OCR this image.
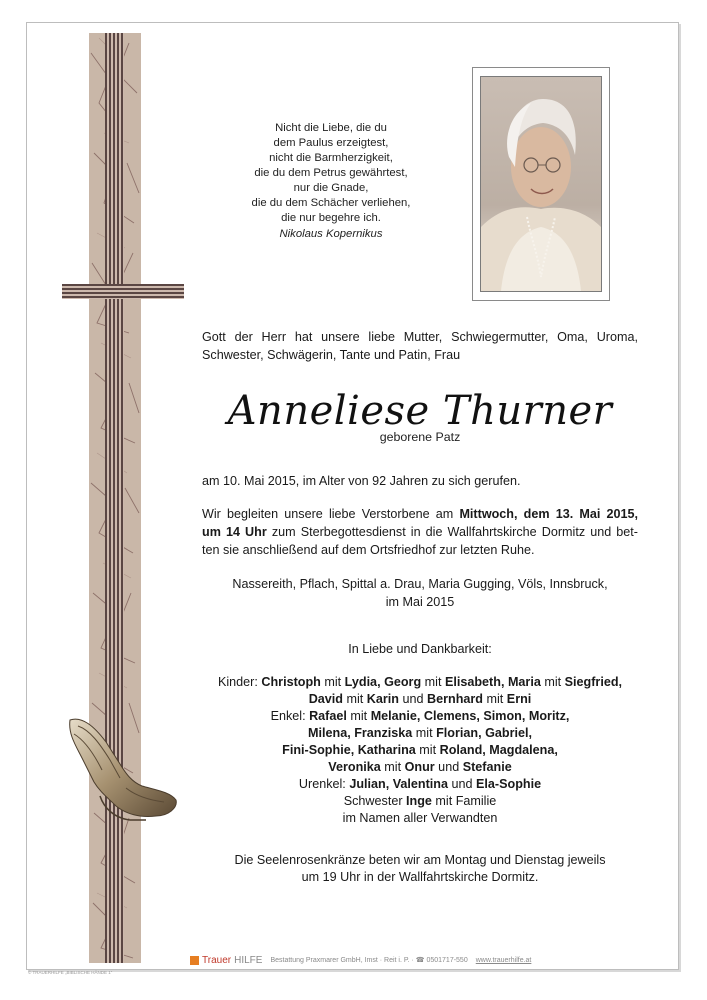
Nicht die Liebe, die du
dem Paulus erzeigtest,
nicht die Barmherzigkeit,
die du dem Petrus gewährtest,
nur die Gnade,
die du dem Schächer verliehen,
die nur begehre ich.
Nikolaus Kopernikus
Gott der Herr hat unsere liebe Mutter, Schwiegermutter, Oma, Uroma,
Schwester, Schwägerin, Tante und Patin, Frau
Anneliese Thurner
geborene Patz
am 10. Mai 2015, im Alter von 92 Jahren zu sich gerufen.
Wir begleiten unsere liebe Verstorbene am Mittwoch, dem 13. Mai 2015,
um 14 Uhr zum Sterbegottesdienst in die Wallfahrtskirche Dormitz und bet-
ten sie anschließend auf dem Ortsfriedhof zur letzten Ruhe.
Nassereith, Pflach, Spittal a. Drau, Maria Gugging, Völs, Innsbruck,
im Mai 2015
In Liebe und Dankbarkeit:
Kinder: Christoph mit Lydia, Georg mit Elisabeth, Maria mit Siegfried,
David mit Karin und Bernhard mit Erni
Enkel: Rafael mit Melanie, Clemens, Simon, Moritz,
Milena, Franziska mit Florian, Gabriel,
Fini-Sophie, Katharina mit Roland, Magdalena,
Veronika mit Onur und Stefanie
Urenkel: Julian, Valentina und Ela-Sophie
Schwester Inge mit Familie
im Namen aller Verwandten
Die Seelenrosenkränze beten wir am Montag und Dienstag jeweils
um 19 Uhr in der Wallfahrtskirche Dormitz.
Trauer HILFE Bestattung Praxmarer GmbH, Imst · Reit i. P. · ☎ 0501717-550 www.trauerhilfe.at
© TRAUERHILFE „BIBLISCHE HÄNDE 1“
